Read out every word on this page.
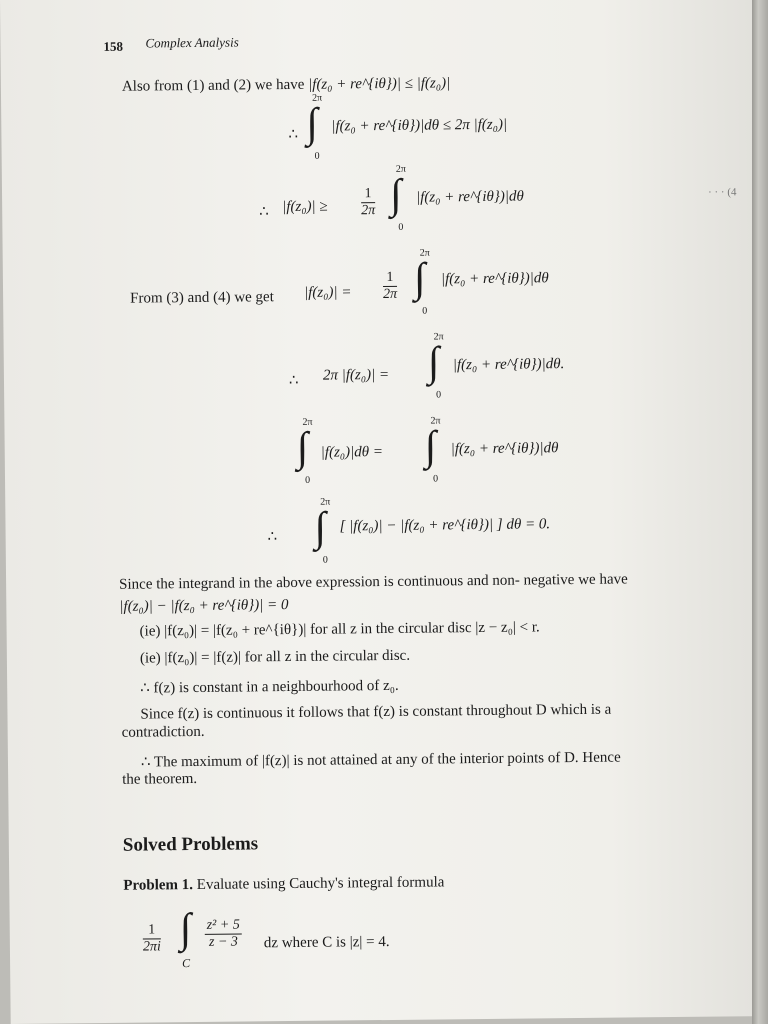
158 Complex Analysis
Also from (1) and (2) we have |f(z₀ + re^{iθ})| ≤ |f(z₀)|
∴
2π
∫
0
|f(z₀ + re^{iθ})|dθ ≤ 2π |f(z₀)|
∴ $|f(z_0)| \ge \frac{1}{2\pi}$
2π
∫
0
|f(z₀ + re^{iθ})|dθ	· · · (4
From (3) and (4) we get $|f(z_0)| = \frac{1}{2\pi}$
2π
∫
0
|f(z₀ + re^{iθ})|dθ
∴ 2π |f(z₀)| =
2π
∫
0
|f(z₀ + re^{iθ})|dθ.
2π
∫
0
|f(z₀)|dθ =
2π
∫
0
|f(z₀ + re^{iθ})|dθ
∴
2π
∫
0
[ |f(z₀)| − |f(z₀ + re^{iθ})| ] dθ = 0.
Since the integrand in the above expression is continuous and non- negative we have
|f(z₀)| − |f(z₀ + re^{iθ})| = 0
(ie) |f(z₀)| = |f(z₀ + re^{iθ})| for all z in the circular disc |z − z₀| < r.
(ie) |f(z₀)| = |f(z)| for all z in the circular disc.
∴ f(z) is constant in a neighbourhood of z₀.
Since f(z) is continuous it follows that f(z) is constant throughout D which is a
contradiction.
∴ The maximum of |f(z)| is not attained at any of the interior points of D. Hence
the theorem.
Solved Problems
Problem 1. Evaluate using Cauchy's integral formula
$\frac{1}{2\pi i}$ ∫
C
$\frac{\text{z² + 5}}{z - 3}$ dz where C is |z| = 4.
